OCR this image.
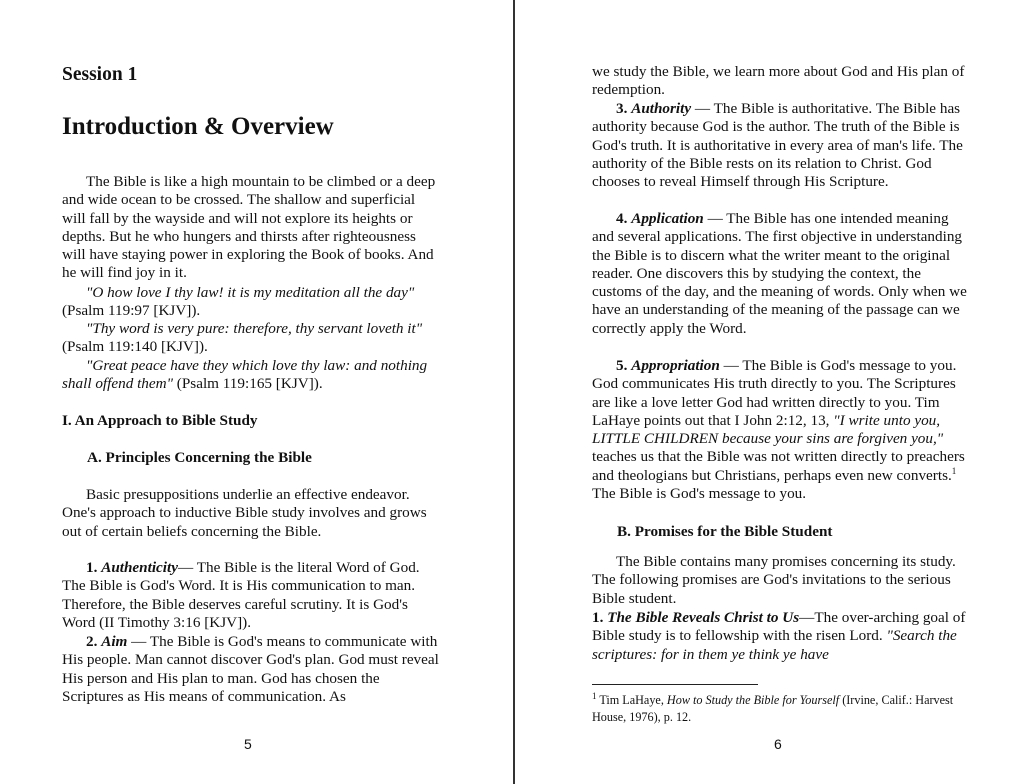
Session 1
Introduction & Overview

The Bible is like a high mountain to be climbed or a deep and wide ocean to be crossed. The shallow and superficial will fall by the wayside and will not explore its heights or depths. But he who hungers and thirsts after righteousness will have staying power in exploring the Book of books. And he will find joy in it.

"O how love I thy law! it is my meditation all the day" (Psalm 119:97 [KJV]).

"Thy word is very pure: therefore, thy servant loveth it" (Psalm 119:140 [KJV]).

"Great peace have they which love thy law: and nothing shall offend them" (Psalm 119:165 [KJV]).

I. An Approach to Bible Study
A. Principles Concerning the Bible

Basic presuppositions underlie an effective endeavor. One's approach to inductive Bible study involves and grows out of certain beliefs concerning the Bible.

1. Authenticity— The Bible is the literal Word of God. The Bible is God's Word. It is His communication to man. Therefore, the Bible deserves careful scrutiny. It is God's Word (II Timothy 3:16 [KJV]).

2. Aim — The Bible is God's means to communicate with His people. Man cannot discover God's plan. God must reveal His person and His plan to man. God has chosen the Scriptures as His means of communication. As

5

we study the Bible, we learn more about God and His plan of redemption.

3. Authority — The Bible is authoritative. The Bible has authority because God is the author. The truth of the Bible is God's truth. It is authoritative in every area of man's life. The authority of the Bible rests on its relation to Christ. God chooses to reveal Himself through His Scripture.

4. Application — The Bible has one intended meaning and several applications. The first objective in understanding the Bible is to discern what the writer meant to the original reader. One discovers this by studying the context, the customs of the day, and the meaning of words. Only when we have an understanding of the meaning of the passage can we correctly apply the Word.

5. Appropriation — The Bible is God's message to you. God communicates His truth directly to you. The Scriptures are like a love letter God had written directly to you. Tim LaHaye points out that I John 2:12, 13, "I write unto you, LITTLE CHILDREN because your sins are forgiven you," teaches us that the Bible was not written directly to preachers and theologians but Christians, perhaps even new converts.$^1$ The Bible is God's message to you.

B. Promises for the Bible Student

The Bible contains many promises concerning its study. The following promises are God's invitations to the serious Bible student.

1. The Bible Reveals Christ to Us—The over-arching goal of Bible study is to fellowship with the risen Lord. "Search the scriptures: for in them ye think ye have

$^1$ Tim LaHaye, How to Study the Bible for Yourself (Irvine, Calif.: Harvest House, 1976), p. 12.
6
